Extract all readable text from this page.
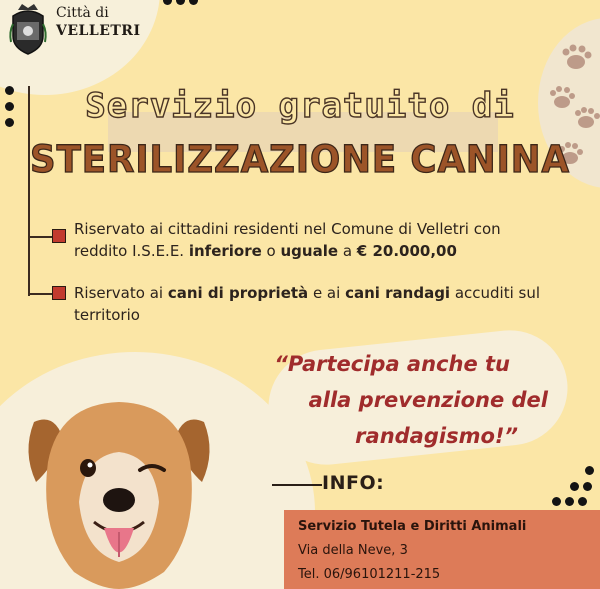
Città di
VELLETRI
Servizio gratuito di
STERILIZZAZIONE CANINA
Riservato ai cittadini residenti nel Comune di Velletri con reddito I.S.E.E. inferiore o uguale a € 20.000,00
Riservato ai cani di proprietà e ai cani randagi accuditi sul territorio
“Partecipa anche tu
alla prevenzione del
randagismo!”
INFO:
Servizio Tutela e Diritti Animali
Via della Neve, 3
Tel. 06/96101211-215
